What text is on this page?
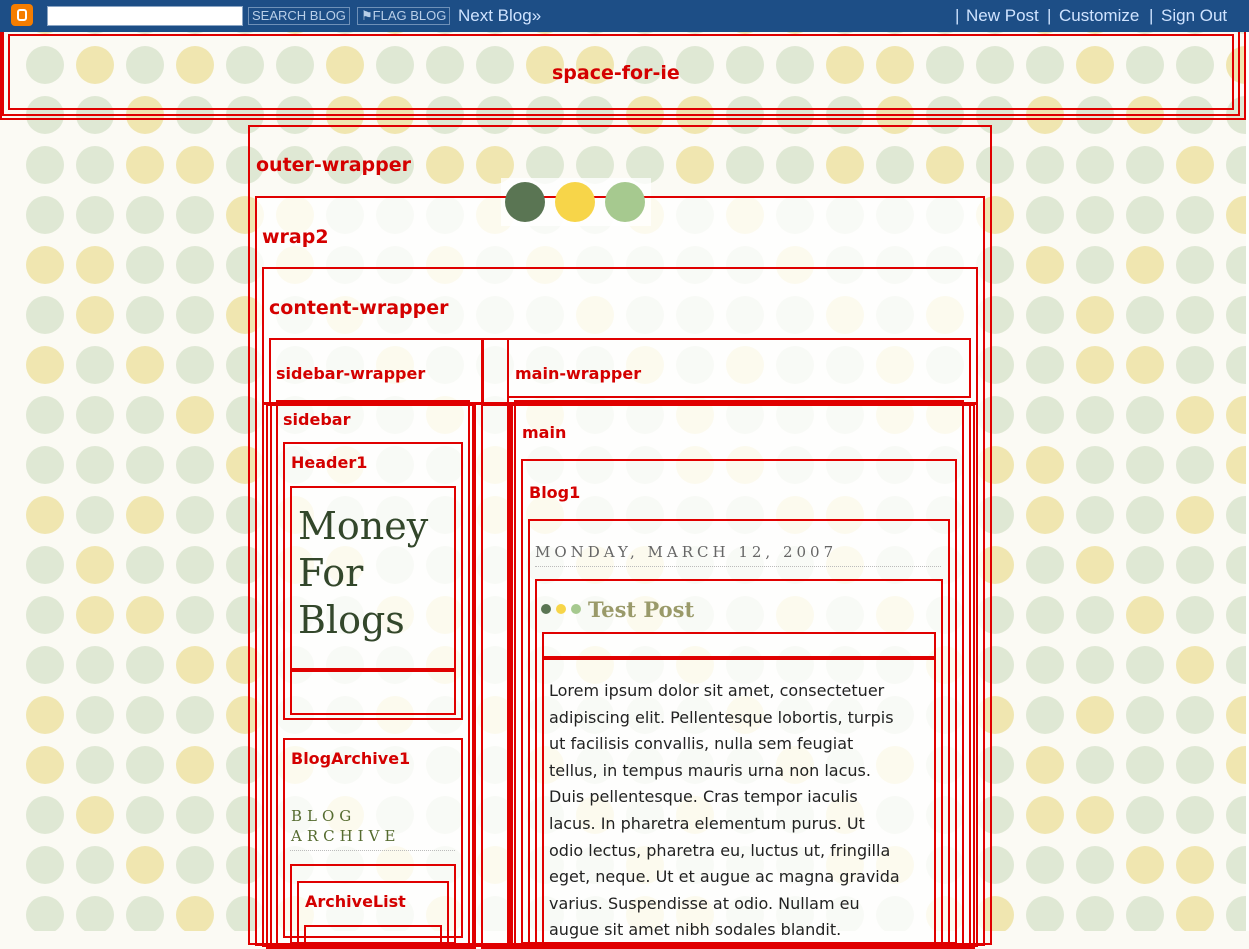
SEARCH BLOG	⚑FLAG BLOG Next Blog»	| New Post | Customize | Sign Out
space-for-ie
outer-wrapper
wrap2
content-wrapper
sidebar-wrapper	main-wrapper
sidebar
Header1
Money
For
Blogs
BlogArchive1
BLOG
ARCHIVE
ArchiveList
main
Blog1
MONDAY, MARCH 12, 2007
Test Post
Lorem ipsum dolor sit amet, consectetuer
adipiscing elit. Pellentesque lobortis, turpis
ut facilisis convallis, nulla sem feugiat
tellus, in tempus mauris urna non lacus.
Duis pellentesque. Cras tempor iaculis
lacus. In pharetra elementum purus. Ut
odio lectus, pharetra eu, luctus ut, fringilla
eget, neque. Ut et augue ac magna gravida
varius. Suspendisse at odio. Nullam eu
augue sit amet nibh sodales blandit.
